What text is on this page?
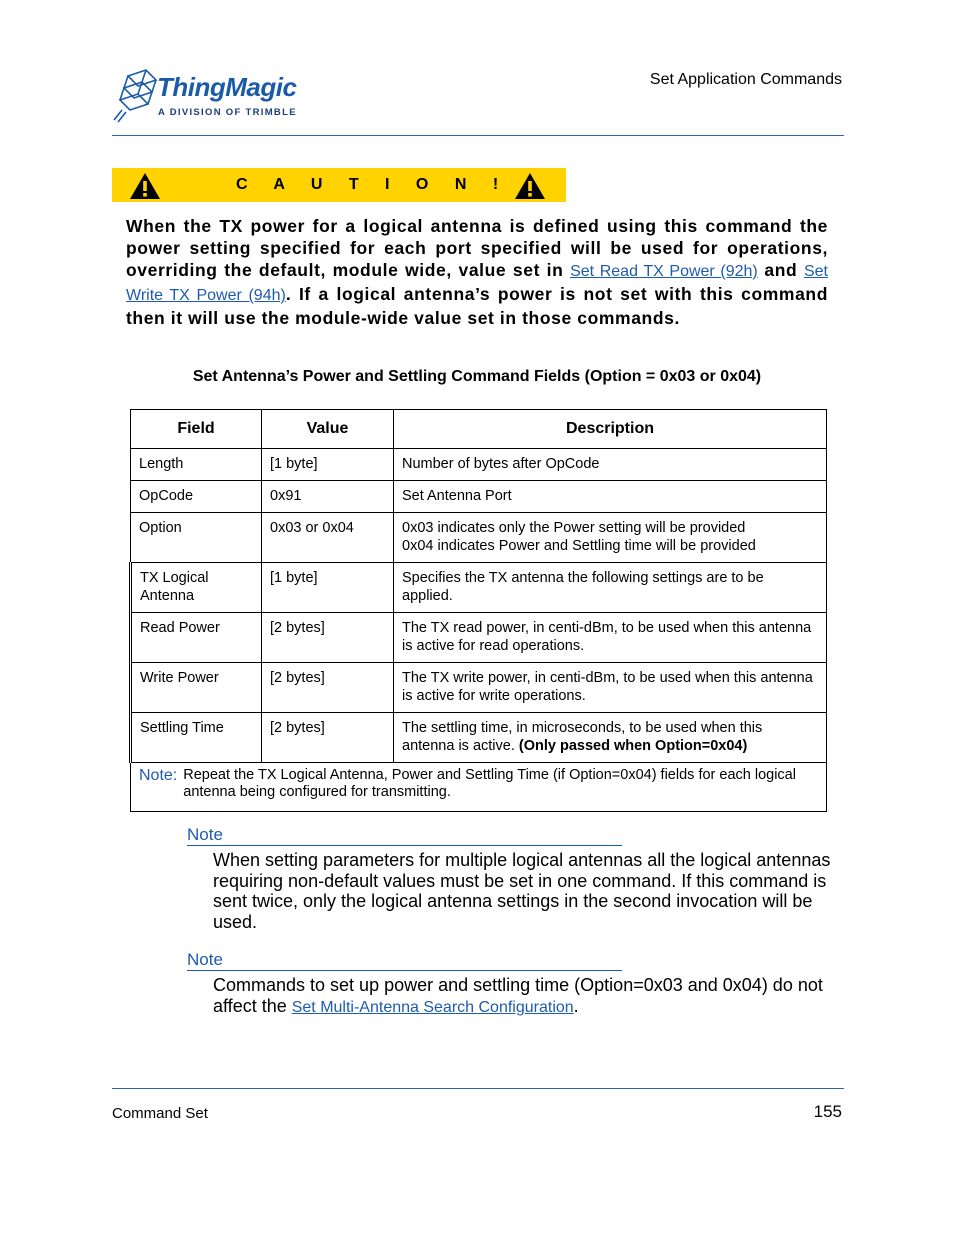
ThingMagic
A DIVISION OF TRIMBLE
Set Application Commands
C A U T I O N !
When the TX power for a logical antenna is defined using this command the power setting specified for each port specified will be used for operations, overriding the default, module wide, value set in Set Read TX Power (92h) and Set Write TX Power (94h). If a logical antenna’s power is not set with this command then it will use the module-wide value set in those commands.
Set Antenna’s Power and Settling Command Fields (Option = 0x03 or 0x04)
Field	Value	Description
Length	[1 byte]	Number of bytes after OpCode
OpCode	0x91	Set Antenna Port
Option	0x03 or 0x04	0x03 indicates only the Power setting will be provided
0x04 indicates Power and Settling time will be provided
TX Logical Antenna	[1 byte]	Specifies the TX antenna the following settings are to be applied.
Read Power	[2 bytes]	The TX read power, in centi-dBm, to be used when this antenna is active for read operations.
Write Power	[2 bytes]	The TX write power, in centi-dBm, to be used when this antenna is active for write operations.
Settling Time	[2 bytes]	The settling time, in microseconds, to be used when this antenna is active. (Only passed when Option=0x04)
Note: Repeat the TX Logical Antenna, Power and Settling Time (if Option=0x04) fields for each logical antenna being configured for transmitting.		
Note
When setting parameters for multiple logical antennas all the logical antennas requiring non-default values must be set in one command. If this command is sent twice, only the logical antenna settings in the second invocation will be used.
Note
Commands to set up power and settling time (Option=0x03 and 0x04) do not affect the Set Multi-Antenna Search Configuration.
Command Set	155
